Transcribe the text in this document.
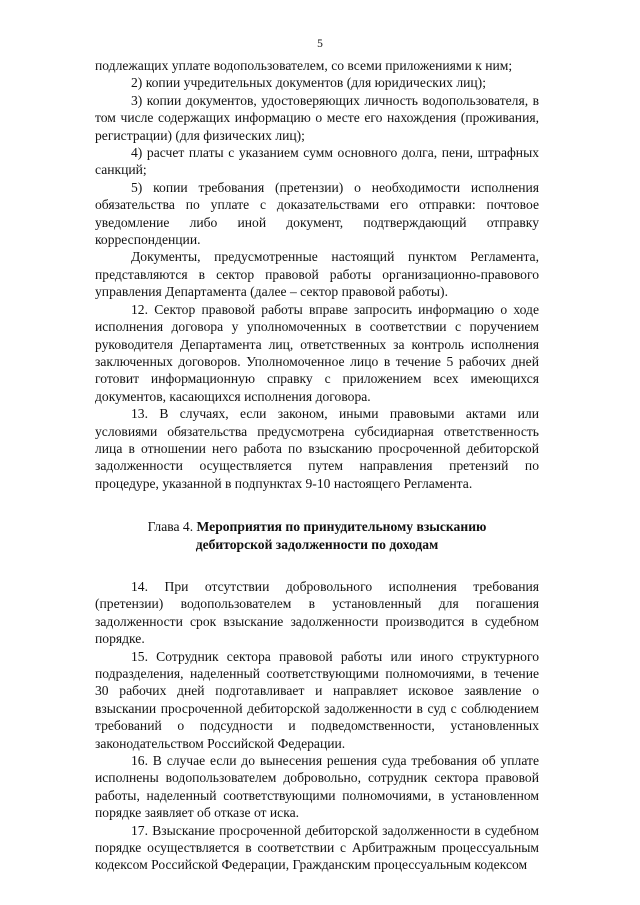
5

подлежащих уплате водопользователем, со всеми приложениями к ним;

2) копии учредительных документов (для юридических лиц);

3) копии документов, удостоверяющих личность водопользователя, в том числе содержащих информацию о месте его нахождения (проживания, регистрации) (для физических лиц);

4) расчет платы с указанием сумм основного долга, пени, штрафных санкций;

5) копии требования (претензии) о необходимости исполнения обязательства по уплате с доказательствами его отправки: почтовое уведомление либо иной документ, подтверждающий отправку корреспонденции.

Документы, предусмотренные настоящий пунктом Регламента, представляются в сектор правовой работы организационно-правового управления Департамента (далее – сектор правовой работы).

12. Сектор правовой работы вправе запросить информацию о ходе исполнения договора у уполномоченных в соответствии с поручением руководителя Департамента лиц, ответственных за контроль исполнения заключенных договоров. Уполномоченное лицо в течение 5 рабочих дней готовит информационную справку с приложением всех имеющихся документов, касающихся исполнения договора.

13. В случаях, если законом, иными правовыми актами или условиями обязательства предусмотрена субсидиарная ответственность лица в отношении него работа по взысканию просроченной дебиторской задолженности осуществляется путем направления претензий по процедуре, указанной в подпунктах 9-10 настоящего Регламента.

Глава 4. Мероприятия по принудительному взысканию
дебиторской задолженности по доходам

14. При отсутствии добровольного исполнения требования (претензии) водопользователем в установленный для погашения задолженности срок взыскание задолженности производится в судебном порядке.

15. Сотрудник сектора правовой работы или иного структурного подразделения, наделенный соответствующими полномочиями, в течение 30 рабочих дней подготавливает и направляет исковое заявление о взыскании просроченной дебиторской задолженности в суд с соблюдением требований о подсудности и подведомственности, установленных законодательством Российской Федерации.

16. В случае если до вынесения решения суда требования об уплате исполнены водопользователем добровольно, сотрудник сектора правовой работы, наделенный соответствующими полномочиями, в установленном порядке заявляет об отказе от иска.

17. Взыскание просроченной дебиторской задолженности в судебном порядке осуществляется в соответствии с Арбитражным процессуальным кодексом Российской Федерации, Гражданским процессуальным кодексом
